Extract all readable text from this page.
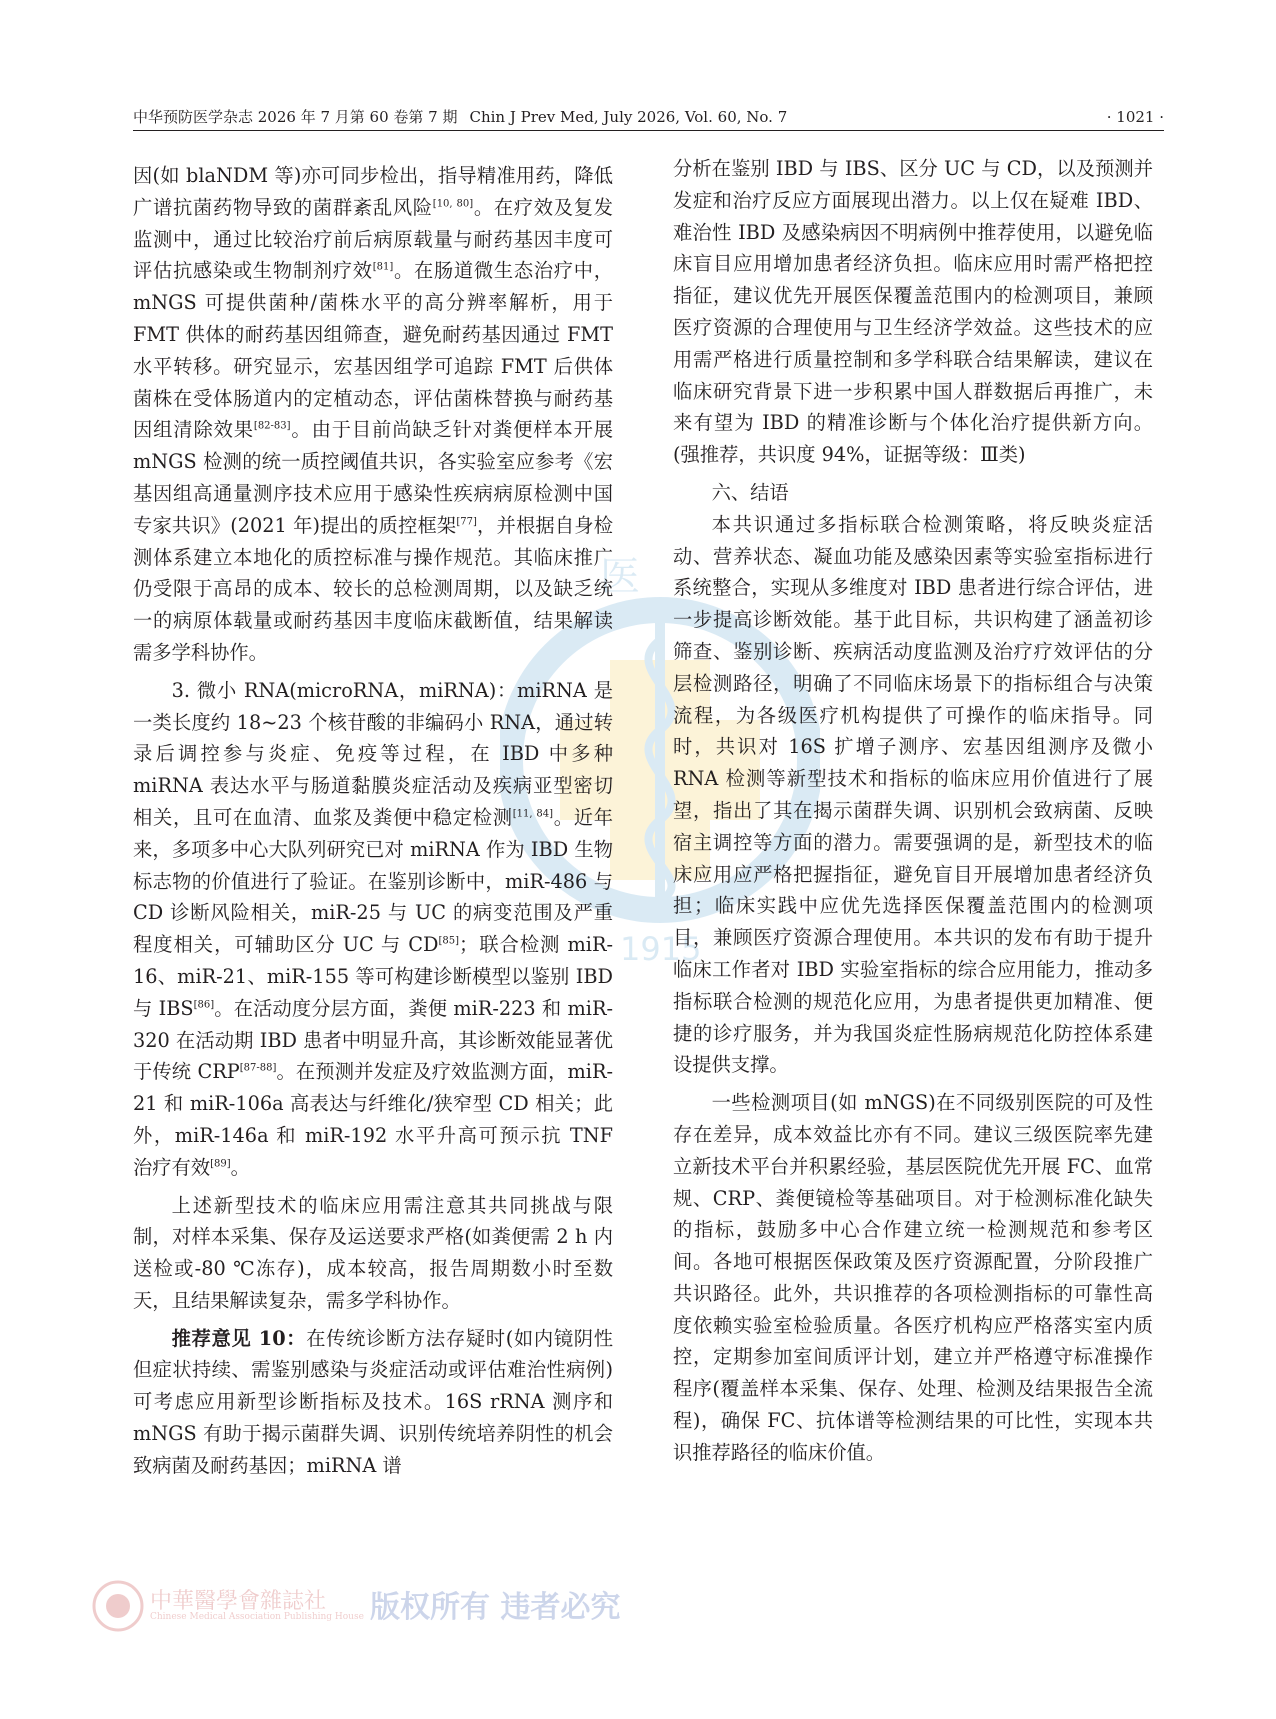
中华预防医学杂志 2026 年 7 月第 60 卷第 7 期 Chin J Prev Med, July 2026, Vol. 60, No. 7	· 1021 ·
医
1915

因(如 blaNDM 等)亦可同步检出，指导精准用药，降低广谱抗菌药物导致的菌群紊乱风险[10, 80]。在疗效及复发监测中，通过比较治疗前后病原载量与耐药基因丰度可评估抗感染或生物制剂疗效[81]。在肠道微生态治疗中，mNGS 可提供菌种/菌株水平的高分辨率解析，用于 FMT 供体的耐药基因组筛查，避免耐药基因通过 FMT 水平转移。研究显示，宏基因组学可追踪 FMT 后供体菌株在受体肠道内的定植动态，评估菌株替换与耐药基因组清除效果[82-83]。由于目前尚缺乏针对粪便样本开展 mNGS 检测的统一质控阈值共识，各实验室应参考《宏基因组高通量测序技术应用于感染性疾病病原检测中国专家共识》(2021 年)提出的质控框架[77]，并根据自身检测体系建立本地化的质控标准与操作规范。其临床推广仍受限于高昂的成本、较长的总检测周期，以及缺乏统一的病原体载量或耐药基因丰度临床截断值，结果解读需多学科协作。

3. 微小 RNA(microRNA，miRNA)：miRNA 是一类长度约 18~23 个核苷酸的非编码小 RNA，通过转录后调控参与炎症、免疫等过程，在 IBD 中多种 miRNA 表达水平与肠道黏膜炎症活动及疾病亚型密切相关，且可在血清、血浆及粪便中稳定检测[11, 84]。近年来，多项多中心大队列研究已对 miRNA 作为 IBD 生物标志物的价值进行了验证。在鉴别诊断中，miR-486 与 CD 诊断风险相关，miR-25 与 UC 的病变范围及严重程度相关，可辅助区分 UC 与 CD[85]；联合检测 miR-16、miR-21、miR-155 等可构建诊断模型以鉴别 IBD 与 IBS[86]。在活动度分层方面，粪便 miR-223 和 miR-320 在活动期 IBD 患者中明显升高，其诊断效能显著优于传统 CRP[87-88]。在预测并发症及疗效监测方面，miR-21 和 miR-106a 高表达与纤维化/狭窄型 CD 相关；此外，miR-146a 和 miR-192 水平升高可预示抗 TNF 治疗有效[89]。

上述新型技术的临床应用需注意其共同挑战与限制，对样本采集、保存及运送要求严格(如粪便需 2 h 内送检或-80 ℃冻存)，成本较高，报告周期数小时至数天，且结果解读复杂，需多学科协作。

推荐意见 10：在传统诊断方法存疑时(如内镜阴性但症状持续、需鉴别感染与炎症活动或评估难治性病例)可考虑应用新型诊断指标及技术。16S rRNA 测序和 mNGS 有助于揭示菌群失调、识别传统培养阴性的机会致病菌及耐药基因；miRNA 谱

分析在鉴别 IBD 与 IBS、区分 UC 与 CD，以及预测并发症和治疗反应方面展现出潜力。以上仅在疑难 IBD、难治性 IBD 及感染病因不明病例中推荐使用，以避免临床盲目应用增加患者经济负担。临床应用时需严格把控指征，建议优先开展医保覆盖范围内的检测项目，兼顾医疗资源的合理使用与卫生经济学效益。这些技术的应用需严格进行质量控制和多学科联合结果解读，建议在临床研究背景下进一步积累中国人群数据后再推广，未来有望为 IBD 的精准诊断与个体化治疗提供新方向。(强推荐，共识度 94%，证据等级：Ⅲ类)

六、结语

本共识通过多指标联合检测策略，将反映炎症活动、营养状态、凝血功能及感染因素等实验室指标进行系统整合，实现从多维度对 IBD 患者进行综合评估，进一步提高诊断效能。基于此目标，共识构建了涵盖初诊筛查、鉴别诊断、疾病活动度监测及治疗疗效评估的分层检测路径，明确了不同临床场景下的指标组合与决策流程，为各级医疗机构提供了可操作的临床指导。同时，共识对 16S 扩增子测序、宏基因组测序及微小 RNA 检测等新型技术和指标的临床应用价值进行了展望，指出了其在揭示菌群失调、识别机会致病菌、反映宿主调控等方面的潜力。需要强调的是，新型技术的临床应用应严格把握指征，避免盲目开展增加患者经济负担；临床实践中应优先选择医保覆盖范围内的检测项目，兼顾医疗资源合理使用。本共识的发布有助于提升临床工作者对 IBD 实验室指标的综合应用能力，推动多指标联合检测的规范化应用，为患者提供更加精准、便捷的诊疗服务，并为我国炎症性肠病规范化防控体系建设提供支撑。

一些检测项目(如 mNGS)在不同级别医院的可及性存在差异，成本效益比亦有不同。建议三级医院率先建立新技术平台并积累经验，基层医院优先开展 FC、血常规、CRP、粪便镜检等基础项目。对于检测标准化缺失的指标，鼓励多中心合作建立统一检测规范和参考区间。各地可根据医保政策及医疗资源配置，分阶段推广共识路径。此外，共识推荐的各项检测指标的可靠性高度依赖实验室检验质量。各医疗机构应严格落实室内质控，定期参加室间质评计划，建立并严格遵守标准操作程序(覆盖样本采集、保存、处理、检测及结果报告全流程)，确保 FC、抗体谱等检测结果的可比性，实现本共识推荐路径的临床价值。

中華醫學會雜誌社
Chinese Medical Association Publishing House 版权所有 违者必究
